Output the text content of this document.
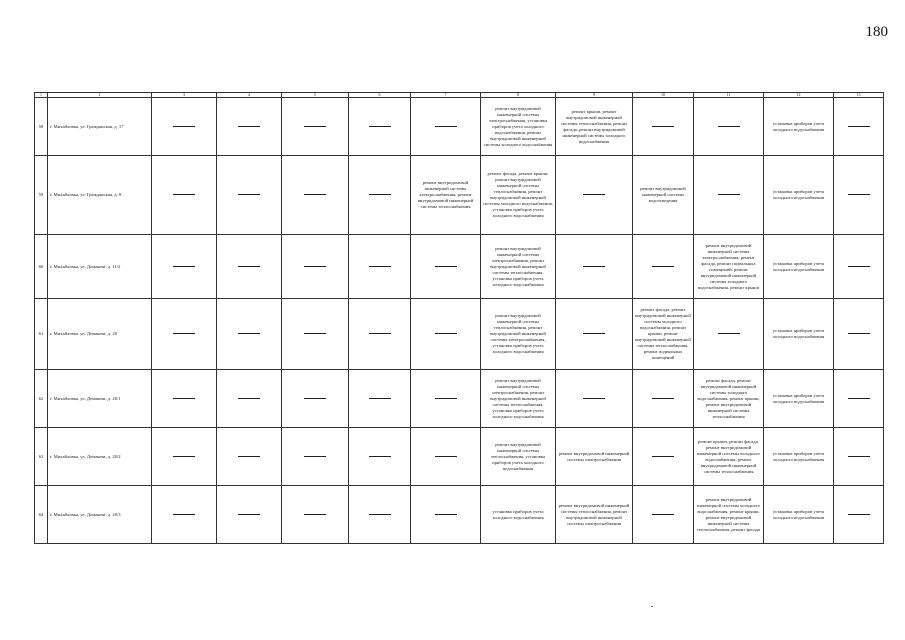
180
1	2	3	4	5	6	7	8	9	10	11	12	13
58	г. Михайловка, ул. Гражданская, д. 17						ремонт внутридомовой инженерной системы электроснабжения, установка приборов учета холодного водоснабжения, ремонт внутридомовой инженерной системы холодного водоснабжения	ремонт крыши, ремонт внутридомовой инженерной системы теплоснабжения, ремонт фасада, ремонт внутридомовой инженерной системы холодного водоснабжения			установка приборов учета холодного водоснабжения	
59	г. Михайловка, ул. Гражданская, д. 8					ремонт внутридомовой инженерной системы электроснабжения, ремонт внутридомовой инженерной системы теплоснабжения	ремонт фасада, ремонт крыши, ремонт внутридомовой инженерной системы теплоснабжения, ремонт внутридомовой инженерной системы холодного водоснабжения, установка приборов учета холодного водоснабжения		ремонт внутридомовой инженерной системы водоотведения		установка приборов учета холодного водоснабжения	
60	г. Михайловка, ул. Демакова, д. 11/2						ремонт внутридомовой инженерной системы электроснабжения, ремонт внутридомовой инженерной системы теплоснабжения, установка приборов учета холодного водоснабжения			ремонт внутридомовой инженерной системы электроснабжения, ремонт фасада, ремонт подвальных помещений, ремонт внутридомовой инженерной системы холодного водоснабжения, ремонт крыши	установка приборов учета холодного водоснабжения	
61	г. Михайловка, ул. Демакова, д. 20						ремонт внутридомовой инженерной системы теплоснабжения, ремонт внутридомовой инженерной системы электроснабжения, установка приборов учета холодного водоснабжения		ремонт фасада, ремонт внутридомовой инженерной системы холодного водоснабжения, ремонт крыши, ремонт внутридомовой инженерной системы теплоснабжения, ремонт подвальных помещений		установка приборов учета холодного водоснабжения	
62	г. Михайловка, ул. Демакова, д. 20/1						ремонт внутридомовой инженерной системы электроснабжения, ремонт внутридомовой инженерной системы теплоснабжения, установка приборов учета холодного водоснабжения			ремонт фасада, ремонт внутридомовой инженерной системы холодного водоснабжения, ремонт крыши, ремонт внутридомовой инженерной системы теплоснабжения	установка приборов учета холодного водоснабжения	
63	г. Михайловка, ул. Демакова, д. 20/2						ремонт внутридомовой инженерной системы теплоснабжения, установка приборов учета холодного водоснабжения	ремонт внутридомовой инженерной системы электроснабжения		ремонт крыши, ремонт фасада, ремонт внутридомовой инженерной системы холодного водоснабжения, ремонт внутридомовой инженерной системы теплоснабжения	установка приборов учета холодного водоснабжения	
64	г. Михайловка, ул. Демакова, д. 20/3						установка приборов учета холодного водоснабжения	ремонт внутридомовой инженерной системы теплоснабжения, ремонт внутридомовой инженерной системы электроснабжения		ремонт внутридомовой инженерной системы холодного водоснабжения, ремонт крыши, ремонт внутридомовой инженерной системы теплоснабжения, ремонт фасада	установка приборов учета холодного водоснабжения	
